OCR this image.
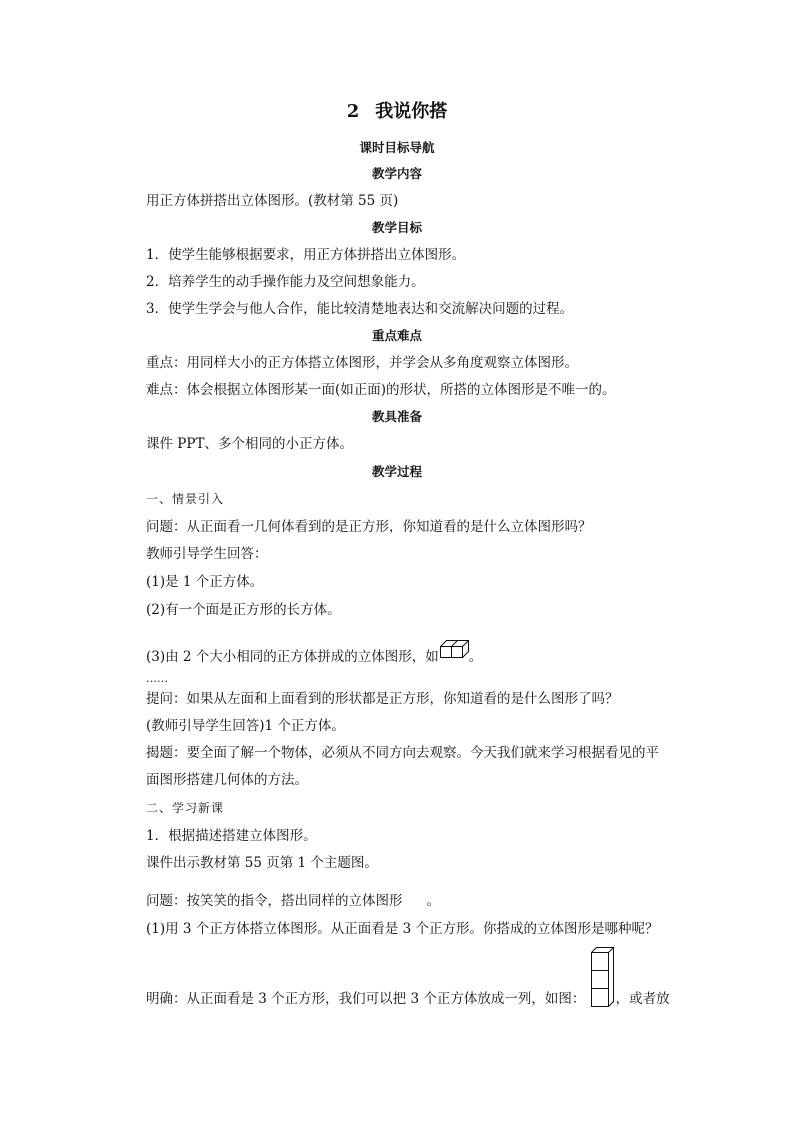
2 我说你搭
课时目标导航
教学内容
用正方体拼搭出立体图形。(教材第 55 页)
教学目标
1．使学生能够根据要求，用正方体拼搭出立体图形。
2．培养学生的动手操作能力及空间想象能力。
3．使学生学会与他人合作，能比较清楚地表达和交流解决问题的过程。
重点难点
重点：用同样大小的正方体搭立体图形，并学会从多角度观察立体图形。
难点：体会根据立体图形某一面(如正面)的形状，所搭的立体图形是不唯一的。
教具准备
课件 PPT、多个相同的小正方体。
教学过程
一、情景引入
问题：从正面看一几何体看到的是正方形，你知道看的是什么立体图形吗？
教师引导学生回答：
(1)是 1 个正方体。
(2)有一个面是正方形的长方体。
(3)由 2 个大小相同的正方体拼成的立体图形，如 。
……
提问：如果从左面和上面看到的形状都是正方形，你知道看的是什么图形了吗？
(教师引导学生回答)1 个正方体。
揭题：要全面了解一个物体，必须从不同方向去观察。今天我们就来学习根据看见的平
面图形搭建几何体的方法。
二、学习新课
1．根据描述搭建立体图形。
课件出示教材第 55 页第 1 个主题图。
问题：按笑笑的指令，搭出同样的立体图形 。
(1)用 3 个正方体搭立体图形。从正面看是 3 个正方形。你搭成的立体图形是哪种呢？
明确：从正面看是 3 个正方形，我们可以把 3 个正方体放成一列，如图： ，或者放
